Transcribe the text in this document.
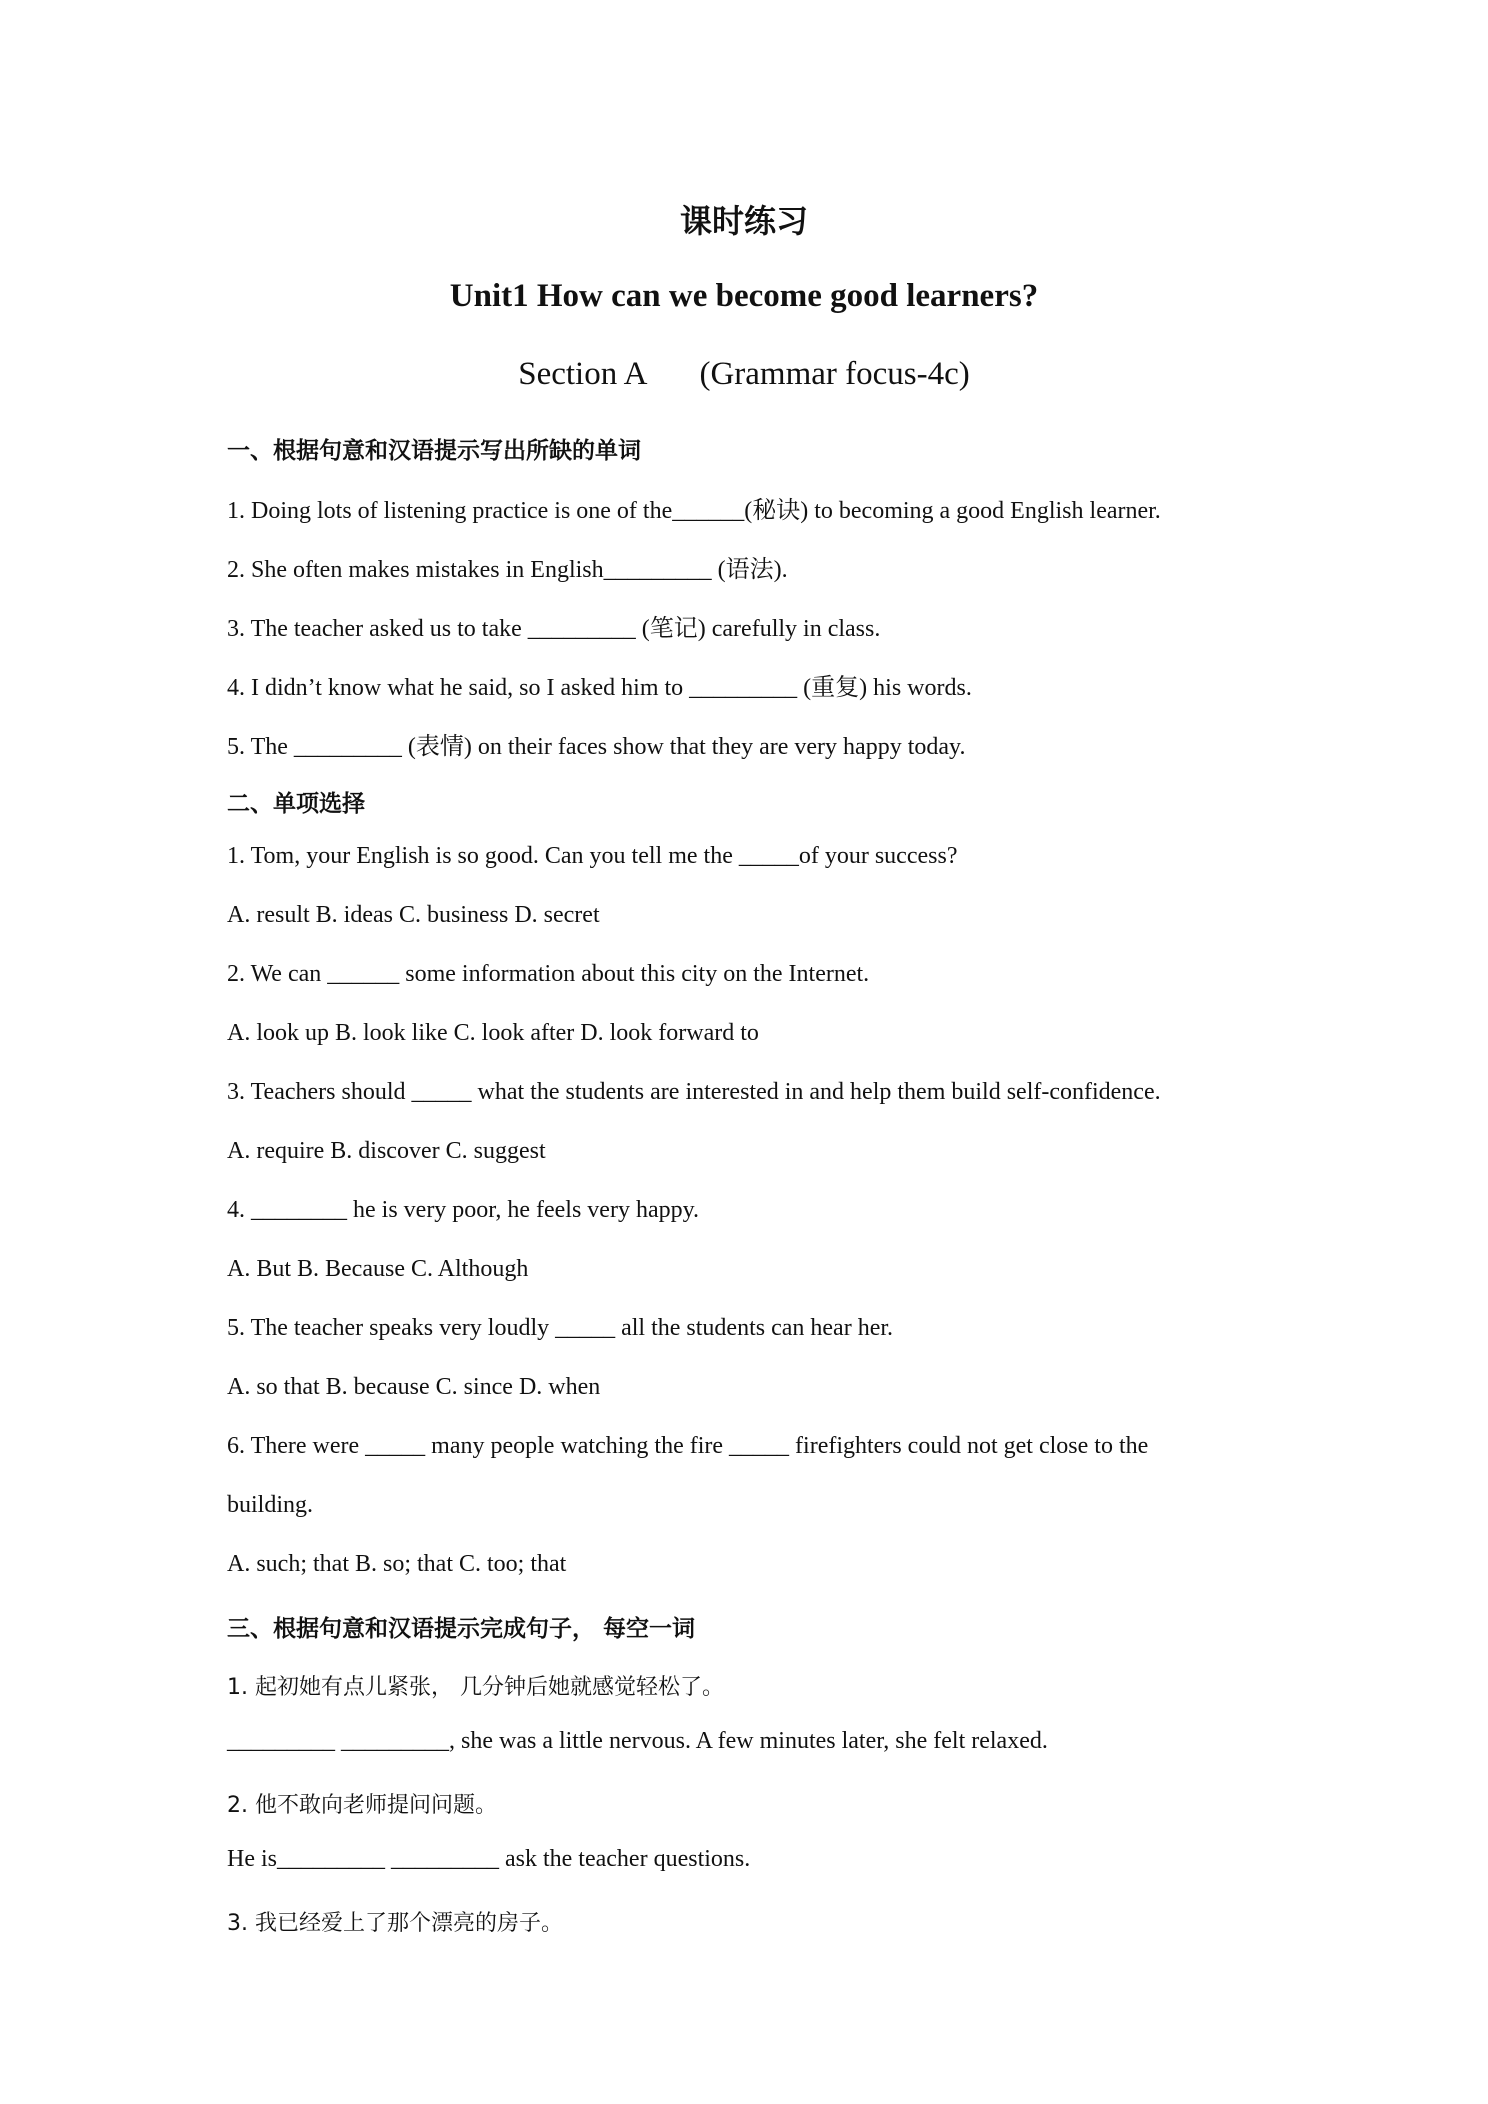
课时练习
Unit1 How can we become good learners?
Section A (Grammar focus-4c)
一、根据句意和汉语提示写出所缺的单词
1. Doing lots of listening practice is one of the______(秘诀) to becoming a good English learner.
2. She often makes mistakes in English_________ (语法).
3. The teacher asked us to take _________ (笔记) carefully in class.
4. I didn’t know what he said, so I asked him to _________ (重复) his words.
5. The _________ (表情) on their faces show that they are very happy today.
二、单项选择
1. Tom, your English is so good. Can you tell me the _____of your success?
A. result B. ideas C. business D. secret
2. We can ______ some information about this city on the Internet.
A. look up B. look like C. look after D. look forward to
3. Teachers should _____ what the students are interested in and help them build self-confidence.
A. require B. discover C. suggest
4. ________ he is very poor, he feels very happy.
A. But B. Because C. Although
5. The teacher speaks very loudly _____ all the students can hear her.
A. so that B. because C. since D. when
6. There were _____ many people watching the fire _____ firefighters could not get close to the
building.
A. such; that B. so; that C. too; that
三、根据句意和汉语提示完成句子， 每空一词
1. 起初她有点儿紧张， 几分钟后她就感觉轻松了。
_________ _________, she was a little nervous. A few minutes later, she felt relaxed.
2. 他不敢向老师提问问题。
He is_________ _________ ask the teacher questions.
3. 我已经爱上了那个漂亮的房子。
